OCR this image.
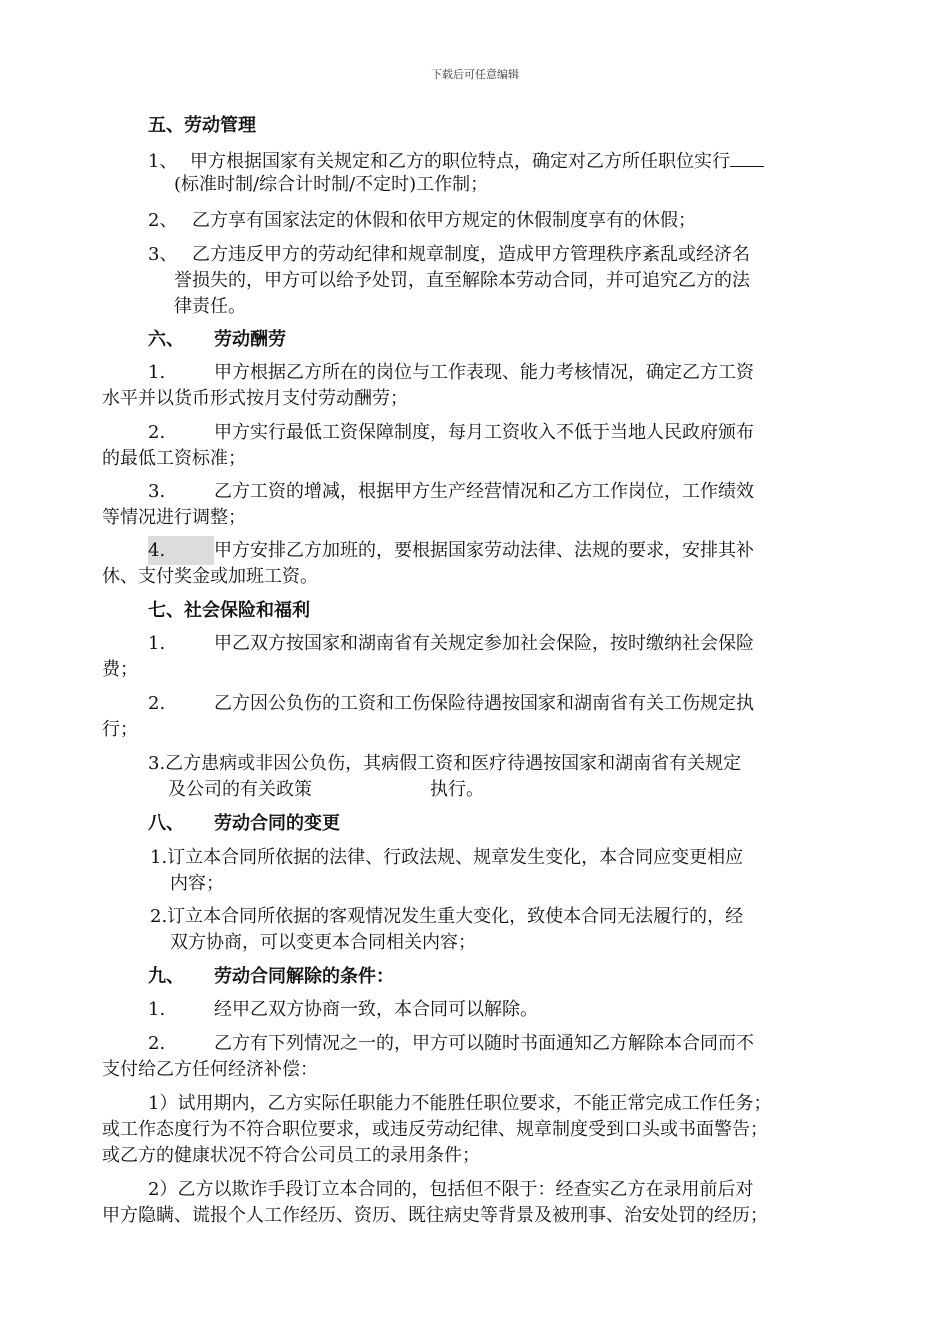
下载后可任意编辑
五、劳动管理
1、 甲方根据国家有关规定和乙方的职位特点，确定对乙方所任职位实行
(标准时制/综合计时制/不定时)工作制；
2、 乙方享有国家法定的休假和依甲方规定的休假制度享有的休假；
3、 乙方违反甲方的劳动纪律和规章制度，造成甲方管理秩序紊乱或经济名
誉损失的，甲方可以给予处罚，直至解除本劳动合同，并可追究乙方的法
律责任。
六、 劳动酬劳
1.	甲方根据乙方所在的岗位与工作表现、能力考核情况，确定乙方工资
水平并以货币形式按月支付劳动酬劳；
2.	甲方实行最低工资保障制度，每月工资收入不低于当地人民政府颁布
的最低工资标准；
3.	乙方工资的增减，根据甲方生产经营情况和乙方工作岗位，工作绩效
等情况进行调整；
4.	甲方安排乙方加班的，要根据国家劳动法律、法规的要求，安排其补
休、支付奖金或加班工资。
七、社会保险和福利
1.	甲乙双方按国家和湖南省有关规定参加社会保险，按时缴纳社会保险
费；
2.	乙方因公负伤的工资和工伤保险待遇按国家和湖南省有关工伤规定执
行；
3.乙方患病或非因公负伤，其病假工资和医疗待遇按国家和湖南省有关规定
及公司的有关政策	执行。
八、 劳动合同的变更
1.订立本合同所依据的法律、行政法规、规章发生变化，本合同应变更相应
内容；
2.订立本合同所依据的客观情况发生重大变化，致使本合同无法履行的，经
双方协商，可以变更本合同相关内容；
九、 劳动合同解除的条件：
1.	经甲乙双方协商一致，本合同可以解除。
2.	乙方有下列情况之一的，甲方可以随时书面通知乙方解除本合同而不
支付给乙方任何经济补偿：
1）试用期内，乙方实际任职能力不能胜任职位要求，不能正常完成工作任务；
或工作态度行为不符合职位要求，或违反劳动纪律、规章制度受到口头或书面警告；
或乙方的健康状况不符合公司员工的录用条件；
2）乙方以欺诈手段订立本合同的，包括但不限于：经查实乙方在录用前后对
甲方隐瞒、谎报个人工作经历、资历、既往病史等背景及被刑事、治安处罚的经历；
